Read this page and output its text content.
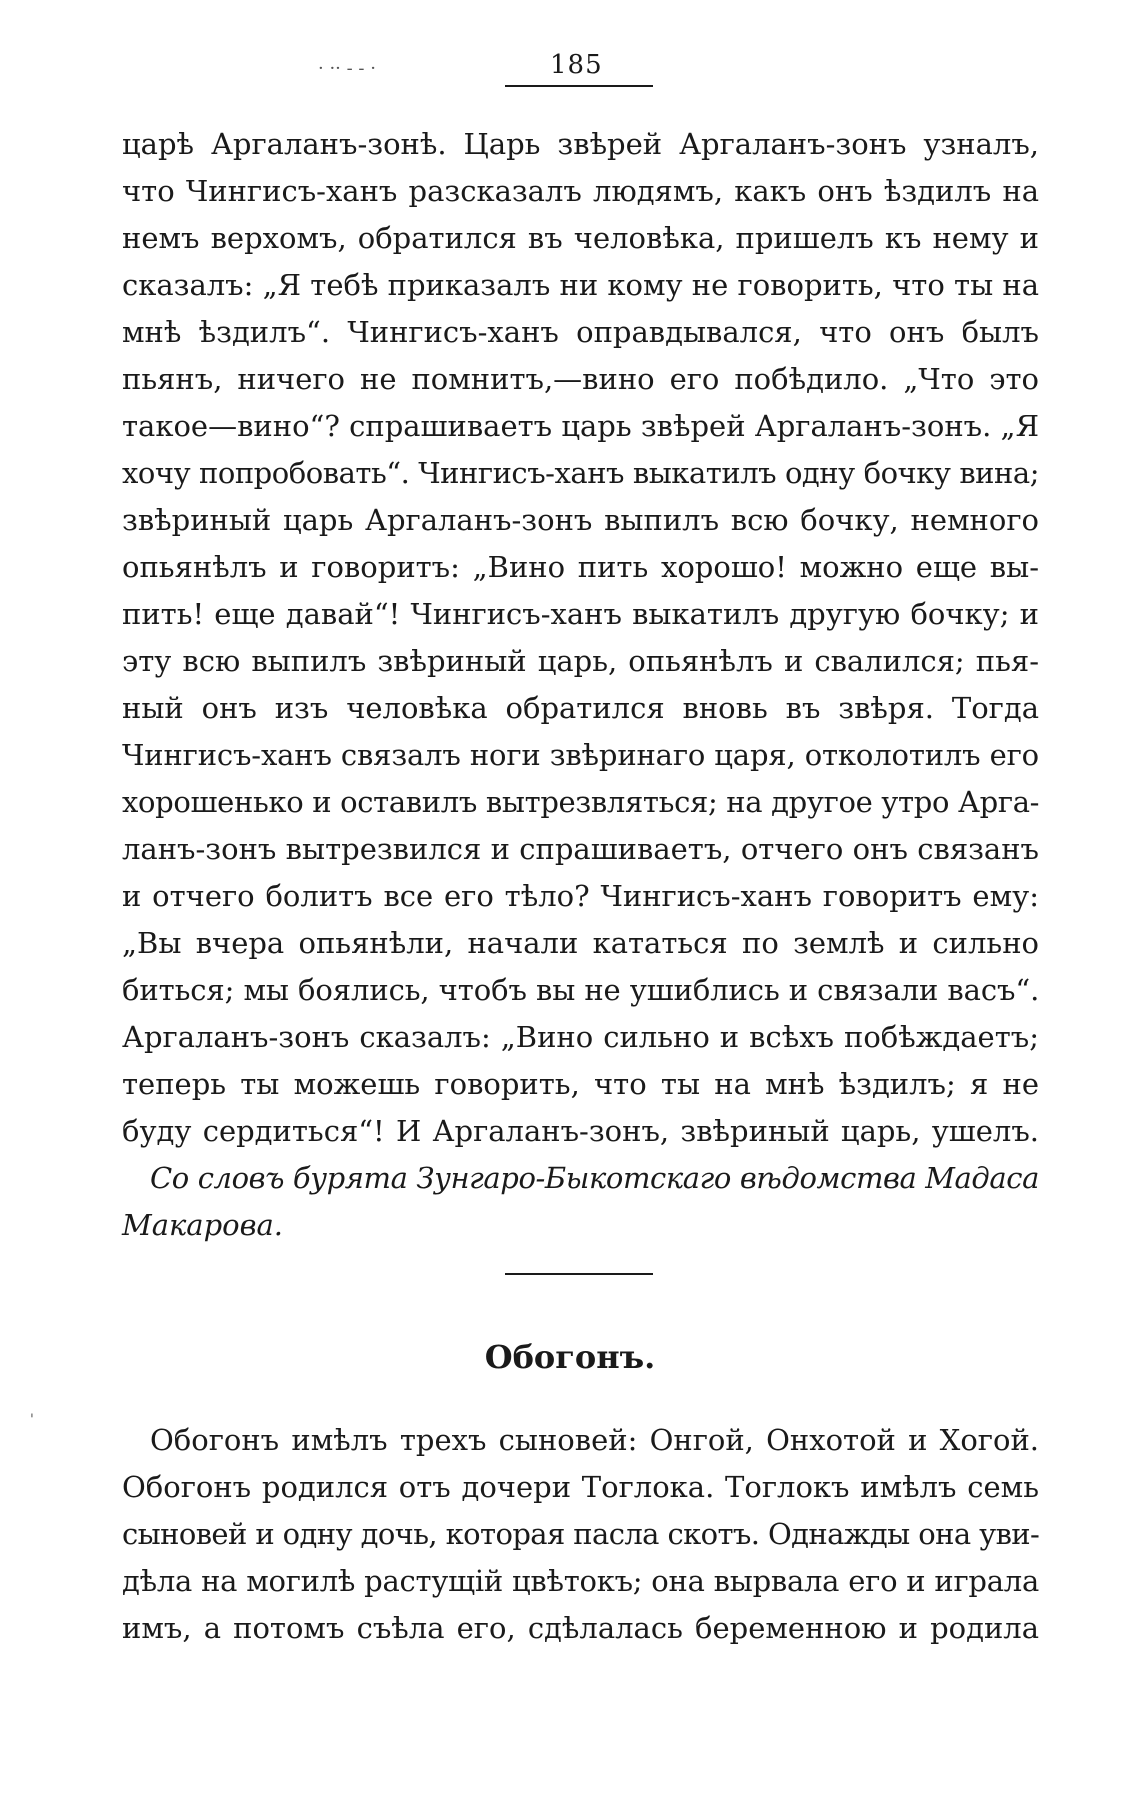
· ·· ‐ ‐ ·	185
царѣ Аргаланъ-зонѣ. Царь звѣрей Аргаланъ-зонъ узналъ,
что Чингисъ-ханъ разсказалъ людямъ, какъ онъ ѣздилъ на
немъ верхомъ, обратился въ человѣка, пришелъ къ нему и
сказалъ: „Я тебѣ приказалъ ни кому не говорить, что ты на
мнѣ ѣздилъ“. Чингисъ-ханъ оправдывался, что онъ былъ
пьянъ, ничего не помнитъ,—вино его побѣдило. „Что это
такое—вино“? спрашиваетъ царь звѣрей Аргаланъ-зонъ. „Я
хочу попробовать“. Чингисъ-ханъ выкатилъ одну бочку вина;
звѣриный царь Аргаланъ-зонъ выпилъ всю бочку, немного
опьянѣлъ и говоритъ: „Вино пить хорошо! можно еще вы-
пить! еще давай“! Чингисъ-ханъ выкатилъ другую бочку; и
эту всю выпилъ звѣриный царь, опьянѣлъ и свалился; пья-
ный онъ изъ человѣка обратился вновь въ звѣря. Тогда
Чингисъ-ханъ связалъ ноги звѣринаго царя, отколотилъ его
хорошенько и оставилъ вытрезвляться; на другое утро Арга-
ланъ-зонъ вытрезвился и спрашиваетъ, отчего онъ связанъ
и отчего болитъ все его тѣло? Чингисъ-ханъ говоритъ ему:
„Вы вчера опьянѣли, начали кататься по землѣ и сильно
биться; мы боялись, чтобъ вы не ушиблись и связали васъ“.
Аргаланъ-зонъ сказалъ: „Вино сильно и всѣхъ побѣждаетъ;
теперь ты можешь говорить, что ты на мнѣ ѣздилъ; я не
буду сердиться“! И Аргаланъ-зонъ, звѣриный царь, ушелъ.
Со словъ бурята Зунгаро-Быкотскаго вѣдомства Мадаса
Макарова.
Обогонъ.
'
Обогонъ имѣлъ трехъ сыновей: Онгой, Онхотой и Хогой.
Обогонъ родился отъ дочери Тоглока. Тоглокъ имѣлъ семь
сыновей и одну дочь, которая пасла скотъ. Однажды она уви-
дѣла на могилѣ растущій цвѣтокъ; она вырвала его и играла
имъ, а потомъ съѣла его, сдѣлалась беременною и родила
